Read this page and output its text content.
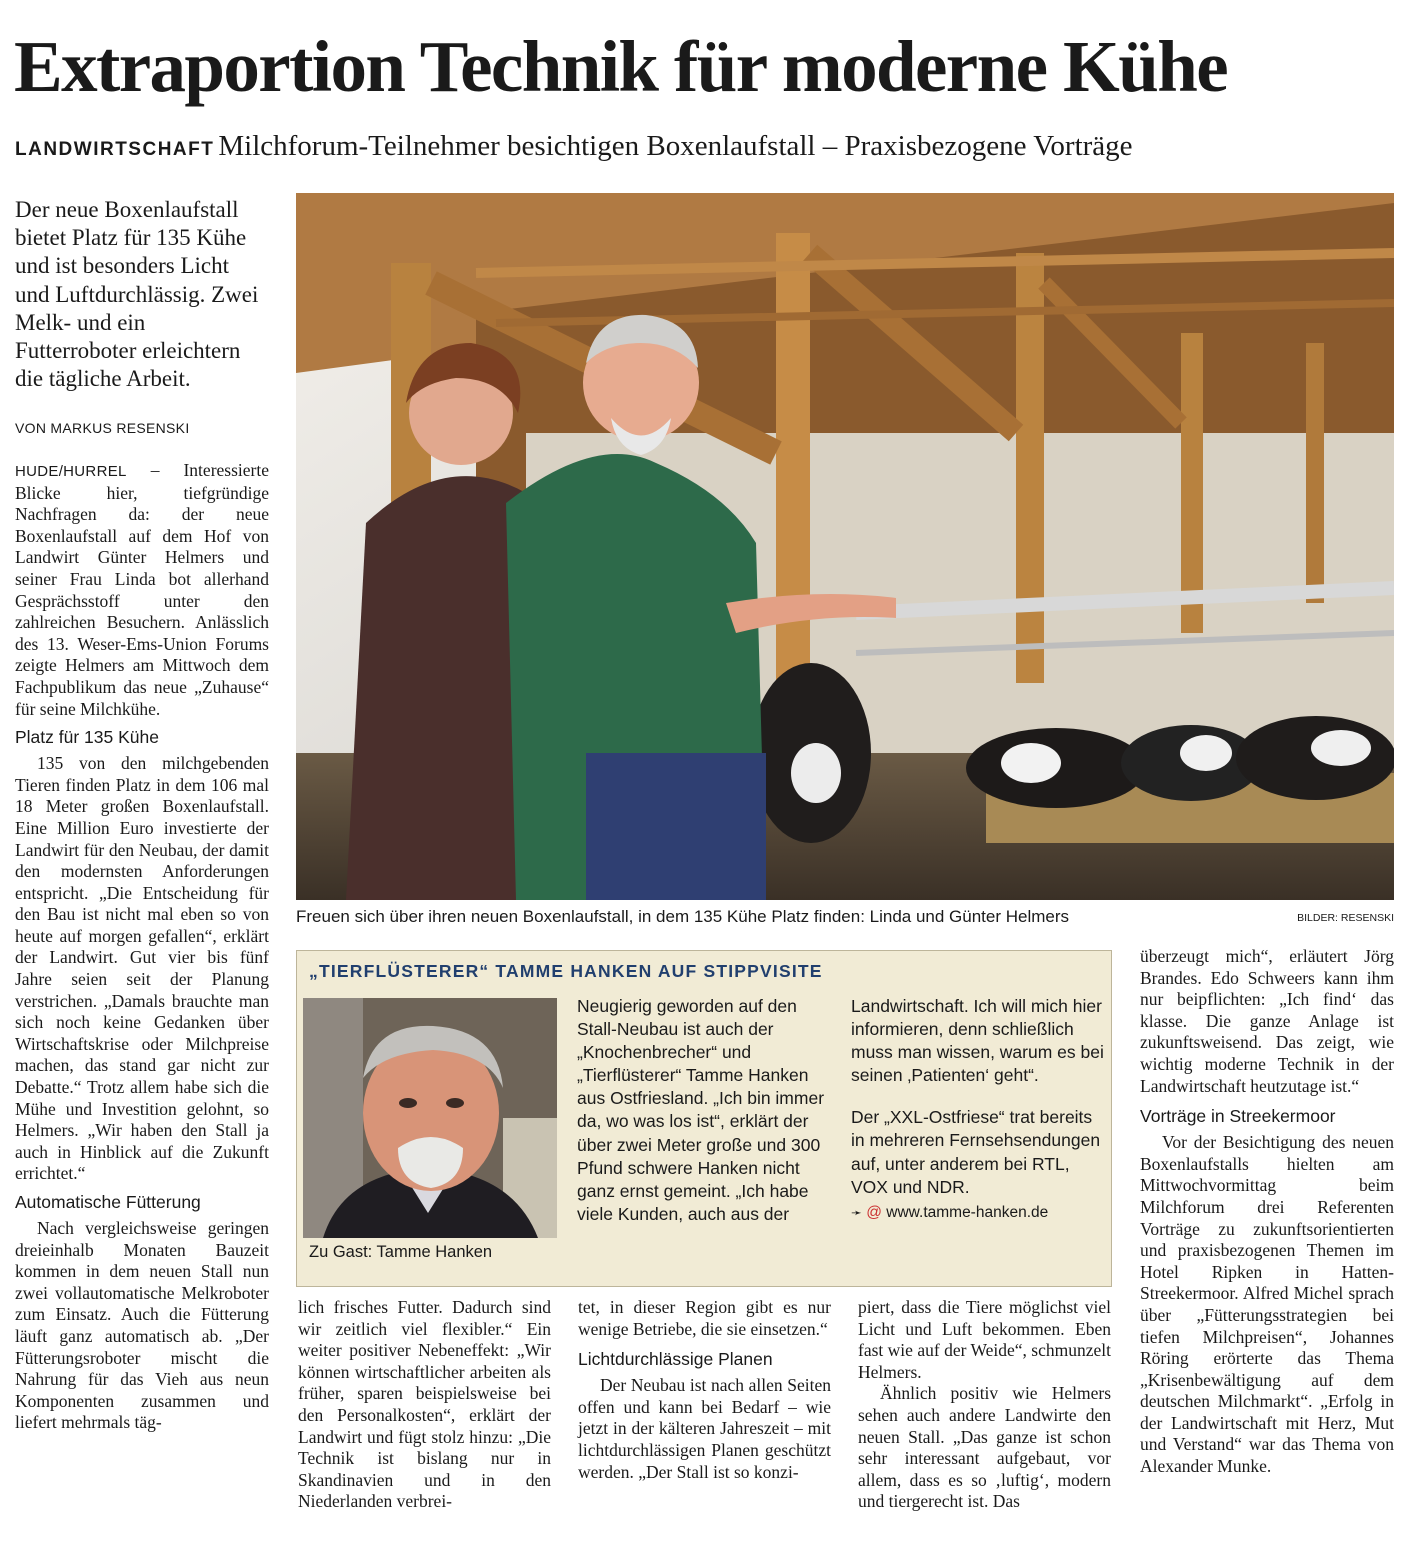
Extraportion Technik für moderne Kühe
LANDWIRTSCHAFT Milchforum-Teilnehmer besichtigen Boxenlaufstall – Praxisbezogene Vorträge

Der neue Boxenlaufstall bietet Platz für 135 Kühe und ist besonders Licht und Luftdurchlässig. Zwei Melk- und ein Futterroboter erleichtern die tägliche Arbeit.

VON MARKUS RESENSKI

HUDE/HURREL – Interessierte Blicke hier, tiefgründige Nachfragen da: der neue Boxenlaufstall auf dem Hof von Landwirt Günter Helmers und seiner Frau Linda bot allerhand Gesprächsstoff unter den zahlreichen Besuchern. Anlässlich des 13. Weser-Ems-Union Forums zeigte Helmers am Mittwoch dem Fachpublikum das neue „Zuhause“ für seine Milchkühe.

Platz für 135 Kühe

135 von den milchgebenden Tieren finden Platz in dem 106 mal 18 Meter großen Boxenlaufstall. Eine Million Euro investierte der Landwirt für den Neubau, der damit den modernsten Anforderungen entspricht. „Die Entscheidung für den Bau ist nicht mal eben so von heute auf morgen gefallen“, erklärt der Landwirt. Gut vier bis fünf Jahre seien seit der Planung verstrichen. „Damals brauchte man sich noch keine Gedanken über Wirtschaftskrise oder Milchpreise machen, das stand gar nicht zur Debatte.“ Trotz allem habe sich die Mühe und Investition gelohnt, so Helmers. „Wir haben den Stall ja auch in Hinblick auf die Zukunft errichtet.“

Automatische Fütterung

Nach vergleichsweise geringen dreieinhalb Monaten Bauzeit kommen in dem neuen Stall nun zwei vollautomatische Melkroboter zum Einsatz. Auch die Fütterung läuft ganz automatisch ab. „Der Fütterungsroboter mischt die Nahrung für das Vieh aus neun Komponenten zusammen und liefert mehrmals täg-

Freuen sich über ihren neuen Boxenlaufstall, in dem 135 Kühe Platz finden: Linda und Günter Helmers	BILDER: RESENSKI

„TIERFLÜSTERER“ TAMME HANKEN AUF STIPPVISITE

Zu Gast: Tamme Hanken

Neugierig geworden auf den Stall-Neubau ist auch der „Knochenbrecher“ und „Tierflüsterer“ Tamme Hanken aus Ostfriesland. „Ich bin immer da, wo was los ist“, erklärt der über zwei Meter große und 300 Pfund schwere Hanken nicht ganz ernst gemeint. „Ich habe viele Kunden, auch aus der

Landwirtschaft. Ich will mich hier informieren, denn schließlich muss man wissen, warum es bei seinen ‚Patienten‘ geht“.

Der „XXL-Ostfriese“ trat bereits in mehreren Fernsehsendungen auf, unter anderem bei RTL, VOX und NDR.

➛ @ www.tamme-hanken.de

lich frisches Futter. Dadurch sind wir zeitlich viel flexibler.“ Ein weiter positiver Nebeneffekt: „Wir können wirtschaftlicher arbeiten als früher, sparen beispielsweise bei den Personalkosten“, erklärt der Landwirt und fügt stolz hinzu: „Die Technik ist bislang nur in Skandinavien und in den Niederlanden verbrei-

tet, in dieser Region gibt es nur wenige Betriebe, die sie einsetzen.“

Lichtdurchlässige Planen

Der Neubau ist nach allen Seiten offen und kann bei Bedarf – wie jetzt in der kälteren Jahreszeit – mit lichtdurchlässigen Planen geschützt werden. „Der Stall ist so konzi-

piert, dass die Tiere möglichst viel Licht und Luft bekommen. Eben fast wie auf der Weide“, schmunzelt Helmers.

Ähnlich positiv wie Helmers sehen auch andere Landwirte den neuen Stall. „Das ganze ist schon sehr interessant aufgebaut, vor allem, dass es so ‚luftig‘, modern und tiergerecht ist. Das

überzeugt mich“, erläutert Jörg Brandes. Edo Schweers kann ihm nur beipflichten: „Ich find‘ das klasse. Die ganze Anlage ist zukunftsweisend. Das zeigt, wie wichtig moderne Technik in der Landwirtschaft heutzutage ist.“

Vorträge in Streekermoor

Vor der Besichtigung des neuen Boxenlaufstalls hielten am Mittwochvormittag beim Milchforum drei Referenten Vorträge zu zukunftsorientierten und praxisbezogenen Themen im Hotel Ripken in Hatten-Streekermoor. Alfred Michel sprach über „Fütterungsstrategien bei tiefen Milchpreisen“, Johannes Röring erörterte das Thema „Krisenbewältigung auf dem deutschen Milchmarkt“. „Erfolg in der Landwirtschaft mit Herz, Mut und Verstand“ war das Thema von Alexander Munke.
